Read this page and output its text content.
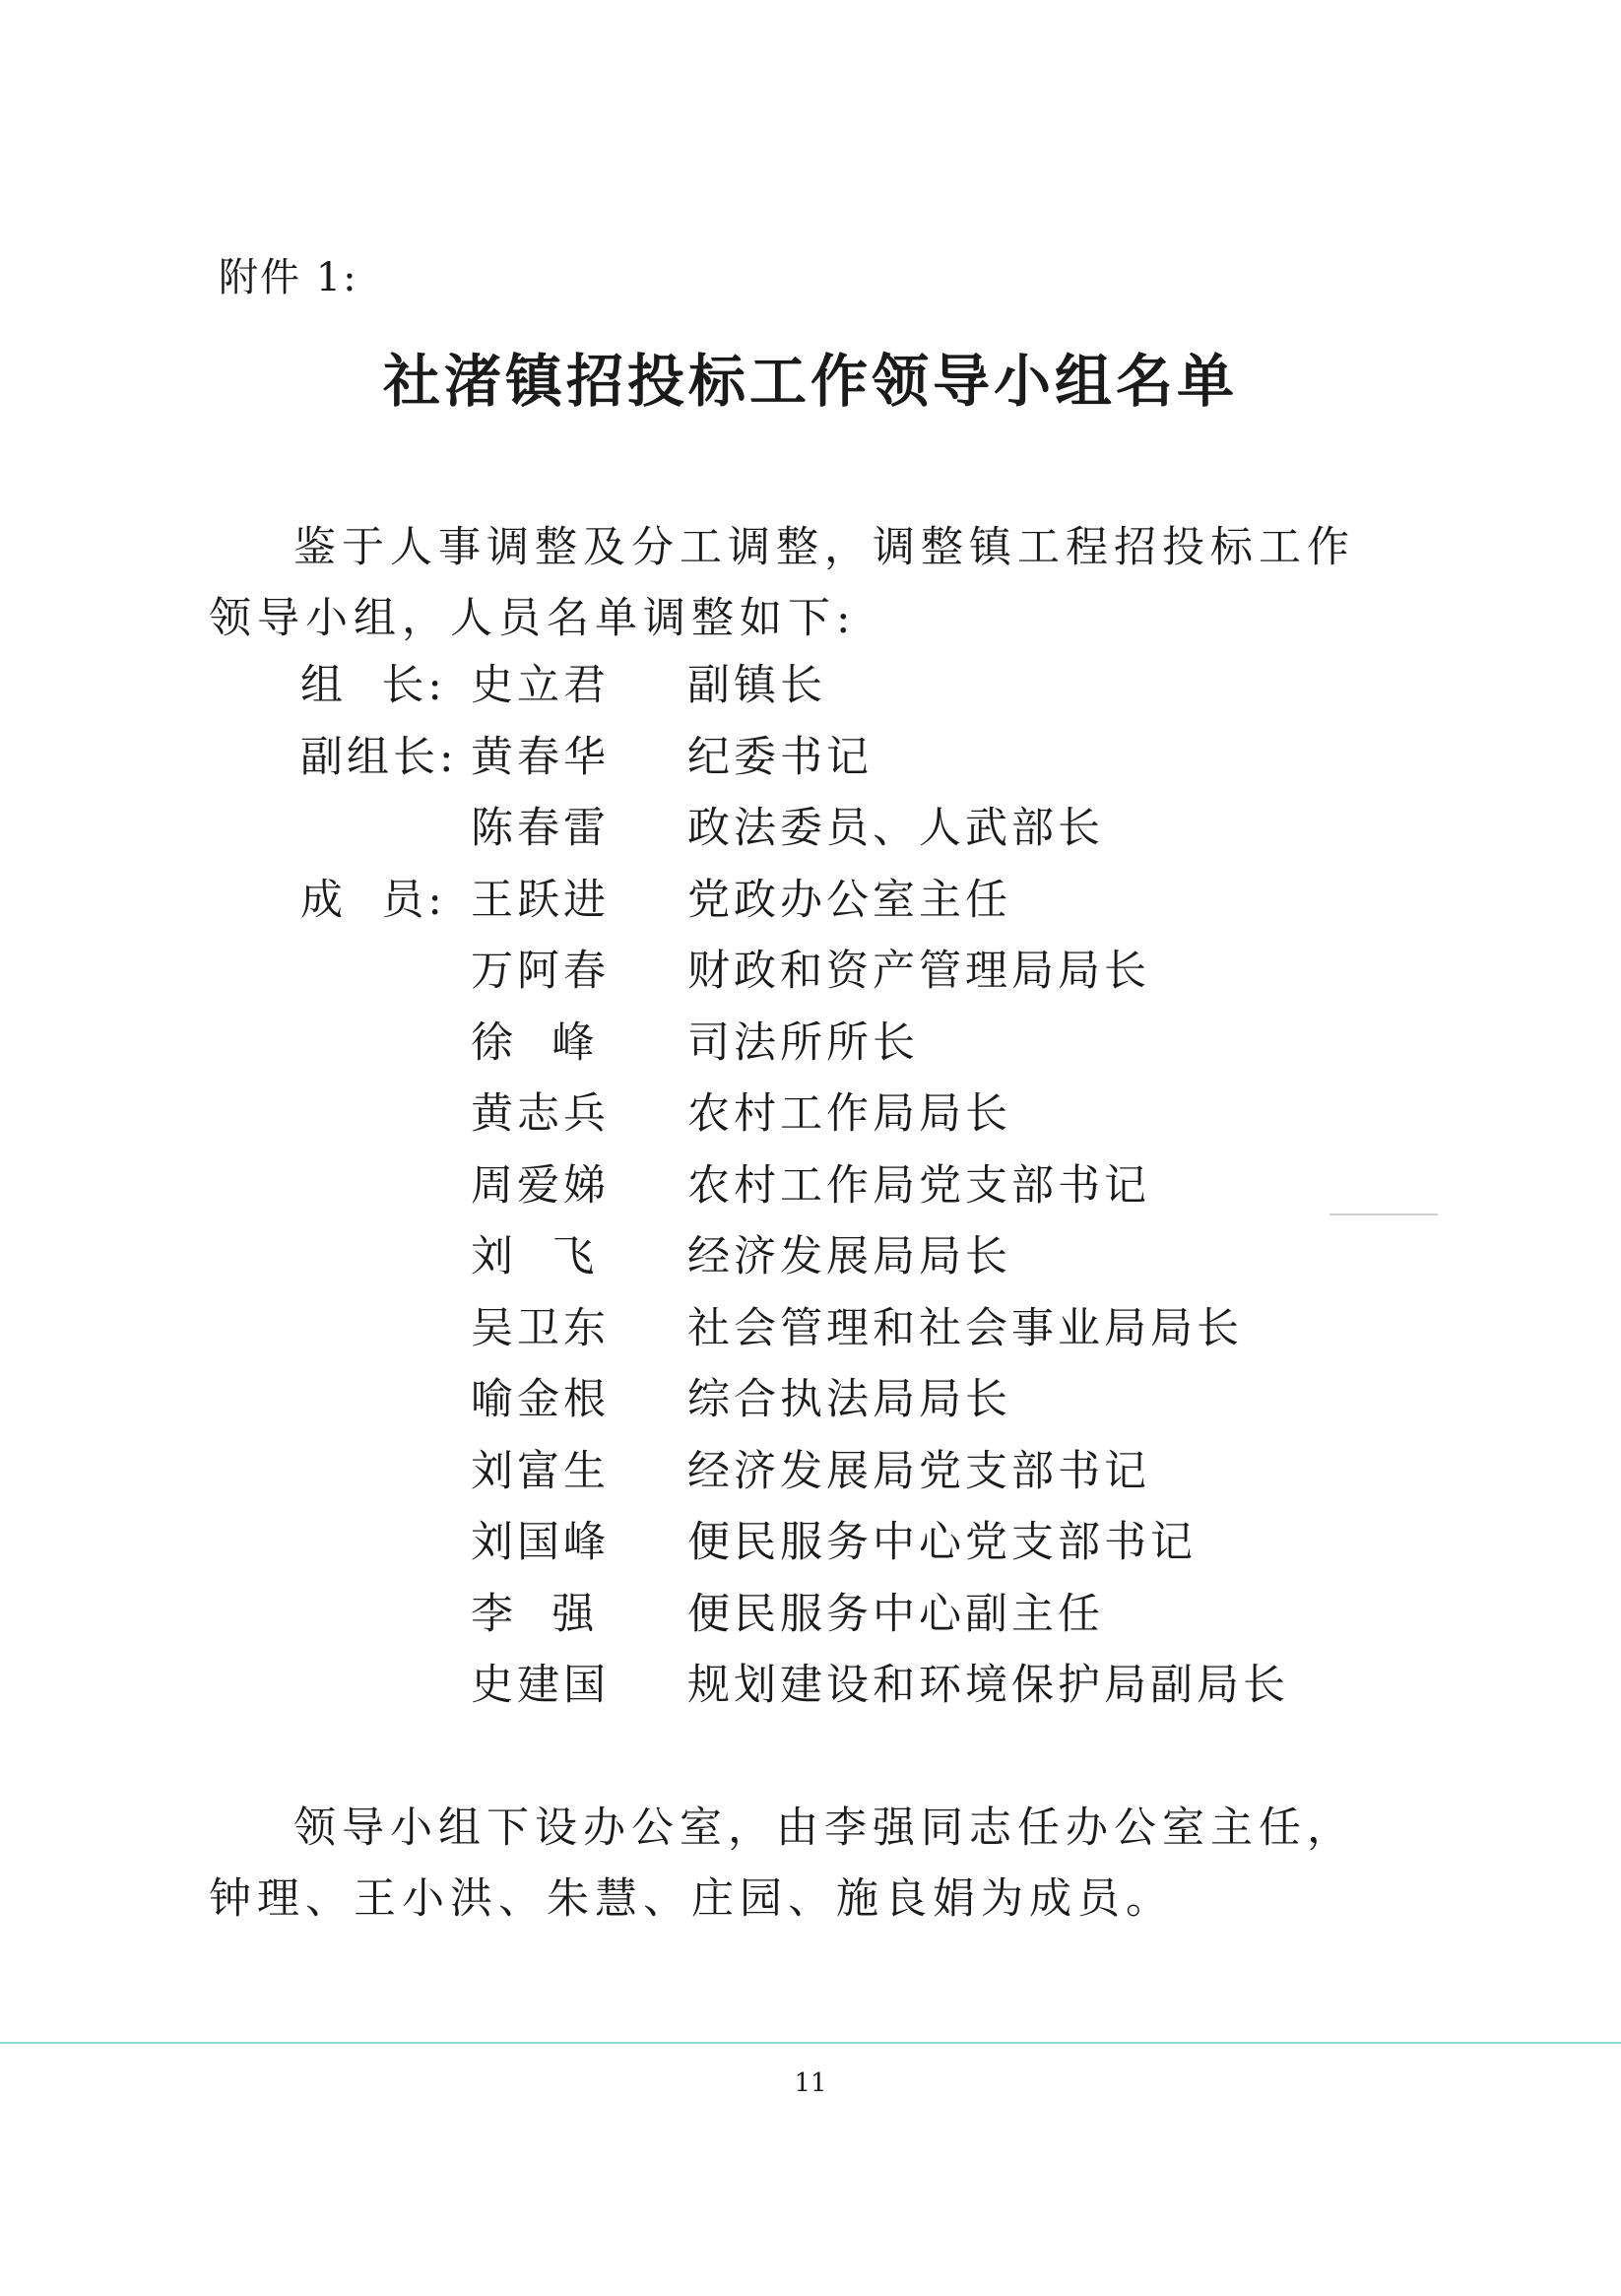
附件 1:
社渚镇招投标工作领导小组名单

鉴于人事调整及分工调整，调整镇工程招投标工作领导小组，人员名单调整如下:

组  长: 史立君 副镇长
副组长: 黄春华 纪委书记
陈春雷 政法委员、人武部长
成  员: 王跃进 党政办公室主任
万阿春 财政和资产管理局局长
徐  峰 司法所所长
黄志兵 农村工作局局长
周爱娣 农村工作局党支部书记
刘  飞 经济发展局局长
吴卫东 社会管理和社会事业局局长
喻金根 综合执法局局长
刘富生 经济发展局党支部书记
刘国峰 便民服务中心党支部书记
李  强 便民服务中心副主任
史建国 规划建设和环境保护局副局长

领导小组下设办公室，由李强同志任办公室主任，钟理、王小洪、朱慧、庄园、施良娟为成员。

11
